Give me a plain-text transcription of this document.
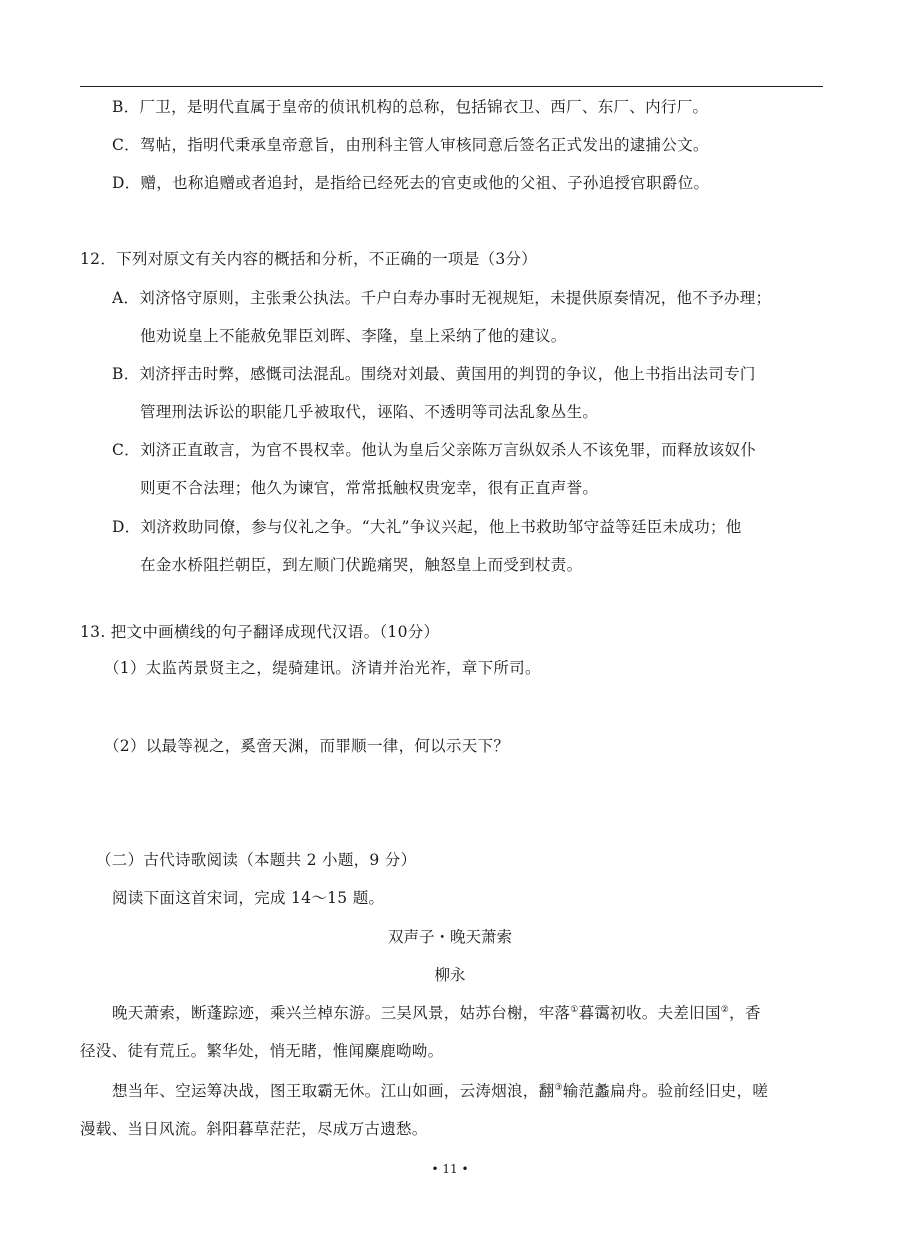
B．厂卫，是明代直属于皇帝的侦讯机构的总称，包括锦衣卫、西厂、东厂、内行厂。
C．驾帖，指明代秉承皇帝意旨，由刑科主管人审核同意后签名正式发出的逮捕公文。
D．赠，也称追赠或者追封，是指给已经死去的官吏或他的父祖、子孙追授官职爵位。
12．下列对原文有关内容的概括和分析，不正确的一项是（3分）
A．刘济恪守原则，主张秉公执法。千户白寿办事时无视规矩，未提供原奏情况，他不予办理；
他劝说皇上不能赦免罪臣刘晖、李隆，皇上采纳了他的建议。
B．刘济抨击时弊，感慨司法混乱。围绕对刘最、黄国用的判罚的争议，他上书指出法司专门
管理刑法诉讼的职能几乎被取代，诬陷、不透明等司法乱象丛生。
C．刘济正直敢言，为官不畏权幸。他认为皇后父亲陈万言纵奴杀人不该免罪，而释放该奴仆
则更不合法理；他久为谏官，常常抵触权贵宠幸，很有正直声誉。
D．刘济救助同僚，参与仪礼之争。“大礼”争议兴起，他上书救助邹守益等廷臣未成功；他
在金水桥阻拦朝臣，到左顺门伏跪痛哭，触怒皇上而受到杖责。
13. 把文中画横线的句子翻译成现代汉语。（10分）
（1）太监芮景贤主之，缇骑建讯。济请并治光祚，章下所司。
（2）以最等视之，奚啻天渊，而罪顺一律，何以示天下？
（二）古代诗歌阅读（本题共 2 小题，9 分）
阅读下面这首宋词，完成 14～15 题。
双声子・晚天萧索
柳永
晚天萧索，断蓬踪迹，乘兴兰棹东游。三吴风景，姑苏台榭，牢落①暮霭初收。夫差旧国②，香
径没、徒有荒丘。繁华处，悄无睹，惟闻麋鹿呦呦。
想当年、空运筹决战，图王取霸无休。江山如画，云涛烟浪，翻③输范蠡扁舟。验前经旧史，嗟
漫载、当日风流。斜阳暮草茫茫，尽成万古遗愁。
• 11 •
